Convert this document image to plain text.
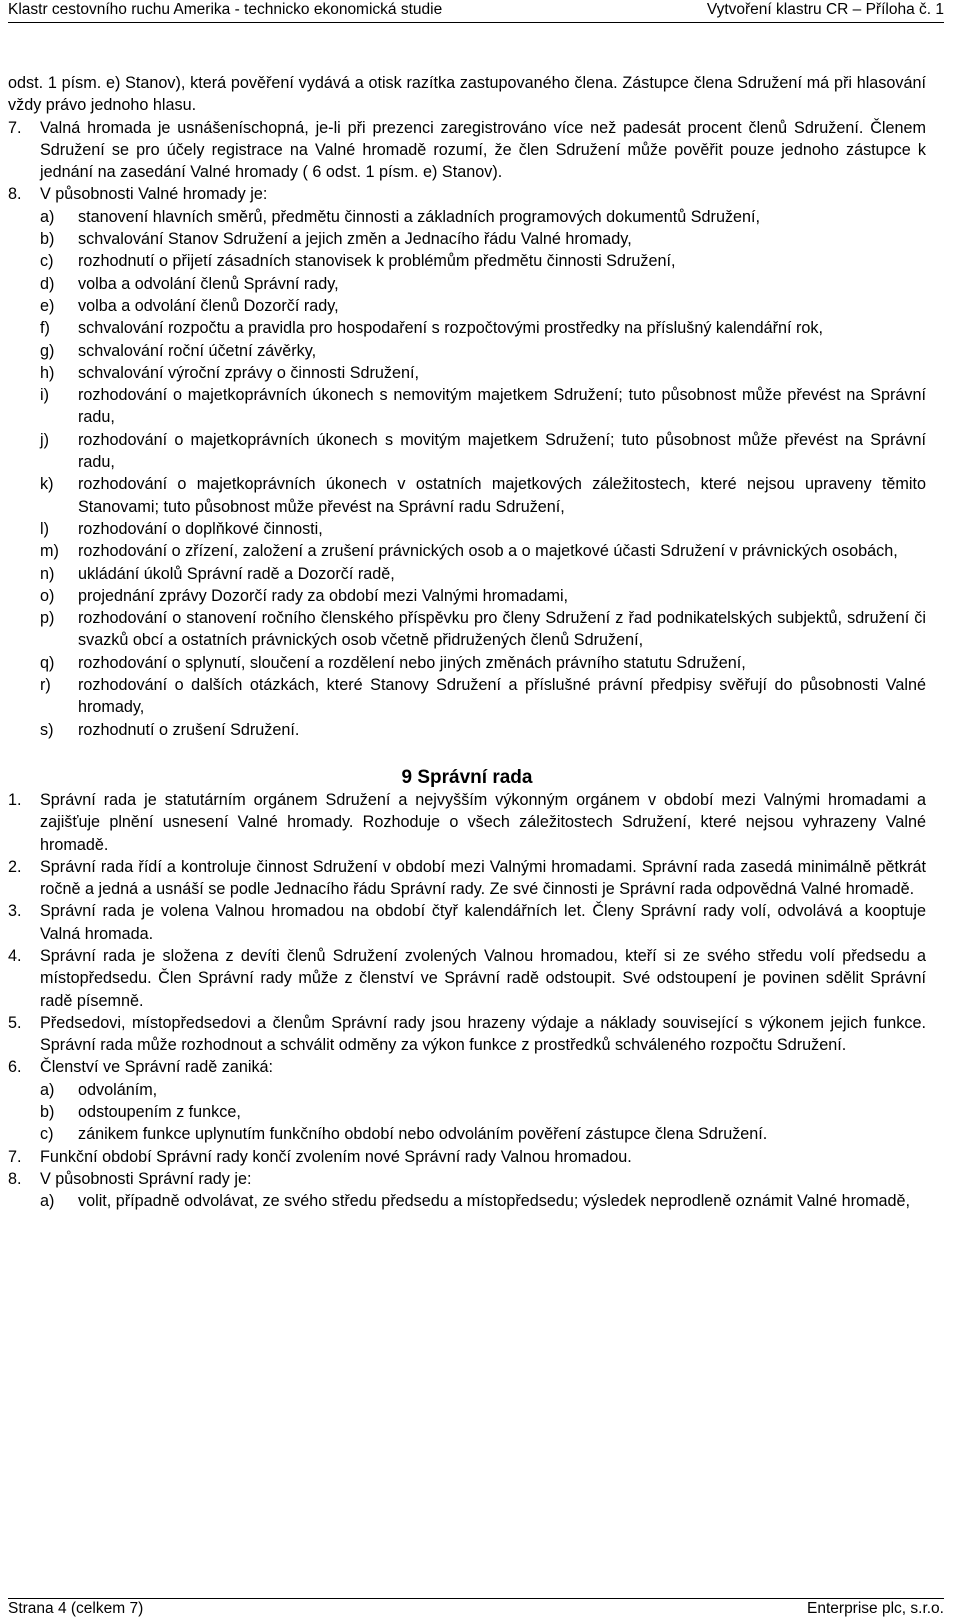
Klastr cestovního ruchu Amerika - technicko ekonomická studie	Vytvoření klastru CR – Příloha č. 1
odst. 1 písm. e) Stanov), která pověření vydává a otisk razítka zastupovaného člena. Zástupce člena Sdružení má při hlasování vždy právo jednoho hlasu.
7. Valná hromada je usnášeníschopná, je-li při prezenci zaregistrováno více než padesát procent členů Sdružení. Členem Sdružení se pro účely registrace na Valné hromadě rozumí, že člen Sdružení může pověřit pouze jednoho zástupce k jednání na zasedání Valné hromady ( 6 odst. 1 písm. e) Stanov).
8. V působnosti Valné hromady je:
a) stanovení hlavních směrů, předmětu činnosti a základních programových dokumentů Sdružení,
b) schvalování Stanov Sdružení a jejich změn a Jednacího řádu Valné hromady,
c) rozhodnutí o přijetí zásadních stanovisek k problémům předmětu činnosti Sdružení,
d) volba a odvolání členů Správní rady,
e) volba a odvolání členů Dozorčí rady,
f) schvalování rozpočtu a pravidla pro hospodaření s rozpočtovými prostředky na příslušný kalendářní rok,
g) schvalování roční účetní závěrky,
h) schvalování výroční zprávy o činnosti Sdružení,
i) rozhodování o majetkoprávních úkonech s nemovitým majetkem Sdružení; tuto působnost může převést na Správní radu,
j) rozhodování o majetkoprávních úkonech s movitým majetkem Sdružení; tuto působnost může převést na Správní radu,
k) rozhodování o majetkoprávních úkonech v ostatních majetkových záležitostech, které nejsou upraveny těmito Stanovami; tuto působnost může převést na Správní radu Sdružení,
l) rozhodování o doplňkové činnosti,
m) rozhodování o zřízení, založení a zrušení právnických osob a o majetkové účasti Sdružení v právnických osobách,
n) ukládání úkolů Správní radě a Dozorčí radě,
o) projednání zprávy Dozorčí rady za období mezi Valnými hromadami,
p) rozhodování o stanovení ročního členského příspěvku pro členy Sdružení z řad podnikatelských subjektů, sdružení či svazků obcí a ostatních právnických osob včetně přidružených členů Sdružení,
q) rozhodování o splynutí, sloučení a rozdělení nebo jiných změnách právního statutu Sdružení,
r) rozhodování o dalších otázkách, které Stanovy Sdružení a příslušné právní předpisy svěřují do působnosti Valné hromady,
s) rozhodnutí o zrušení Sdružení.
9 Správní rada
1. Správní rada je statutárním orgánem Sdružení a nejvyšším výkonným orgánem v období mezi Valnými hromadami a zajišťuje plnění usnesení Valné hromady. Rozhoduje o všech záležitostech Sdružení, které nejsou vyhrazeny Valné hromadě.
2. Správní rada řídí a kontroluje činnost Sdružení v období mezi Valnými hromadami. Správní rada zasedá minimálně pětkrát ročně a jedná a usnáší se podle Jednacího řádu Správní rady. Ze své činnosti je Správní rada odpovědná Valné hromadě.
3. Správní rada je volena Valnou hromadou na období čtyř kalendářních let. Členy Správní rady volí, odvolává a kooptuje Valná hromada.
4. Správní rada je složena z devíti členů Sdružení zvolených Valnou hromadou, kteří si ze svého středu volí předsedu a místopředsedu. Člen Správní rady může z členství ve Správní radě odstoupit. Své odstoupení je povinen sdělit Správní radě písemně.
5. Předsedovi, místopředsedovi a členům Správní rady jsou hrazeny výdaje a náklady související s výkonem jejich funkce. Správní rada může rozhodnout a schválit odměny za výkon funkce z prostředků schváleného rozpočtu Sdružení.
6. Členství ve Správní radě zaniká:
a) odvoláním,
b) odstoupením z funkce,
c) zánikem funkce uplynutím funkčního období nebo odvoláním pověření zástupce člena Sdružení.
7. Funkční období Správní rady končí zvolením nové Správní rady Valnou hromadou.
8. V působnosti Správní rady je:
a) volit, případně odvolávat, ze svého středu předsedu a místopředsedu; výsledek neprodleně oznámit Valné hromadě,
Strana 4 (celkem 7)	Enterprise plc, s.r.o.
